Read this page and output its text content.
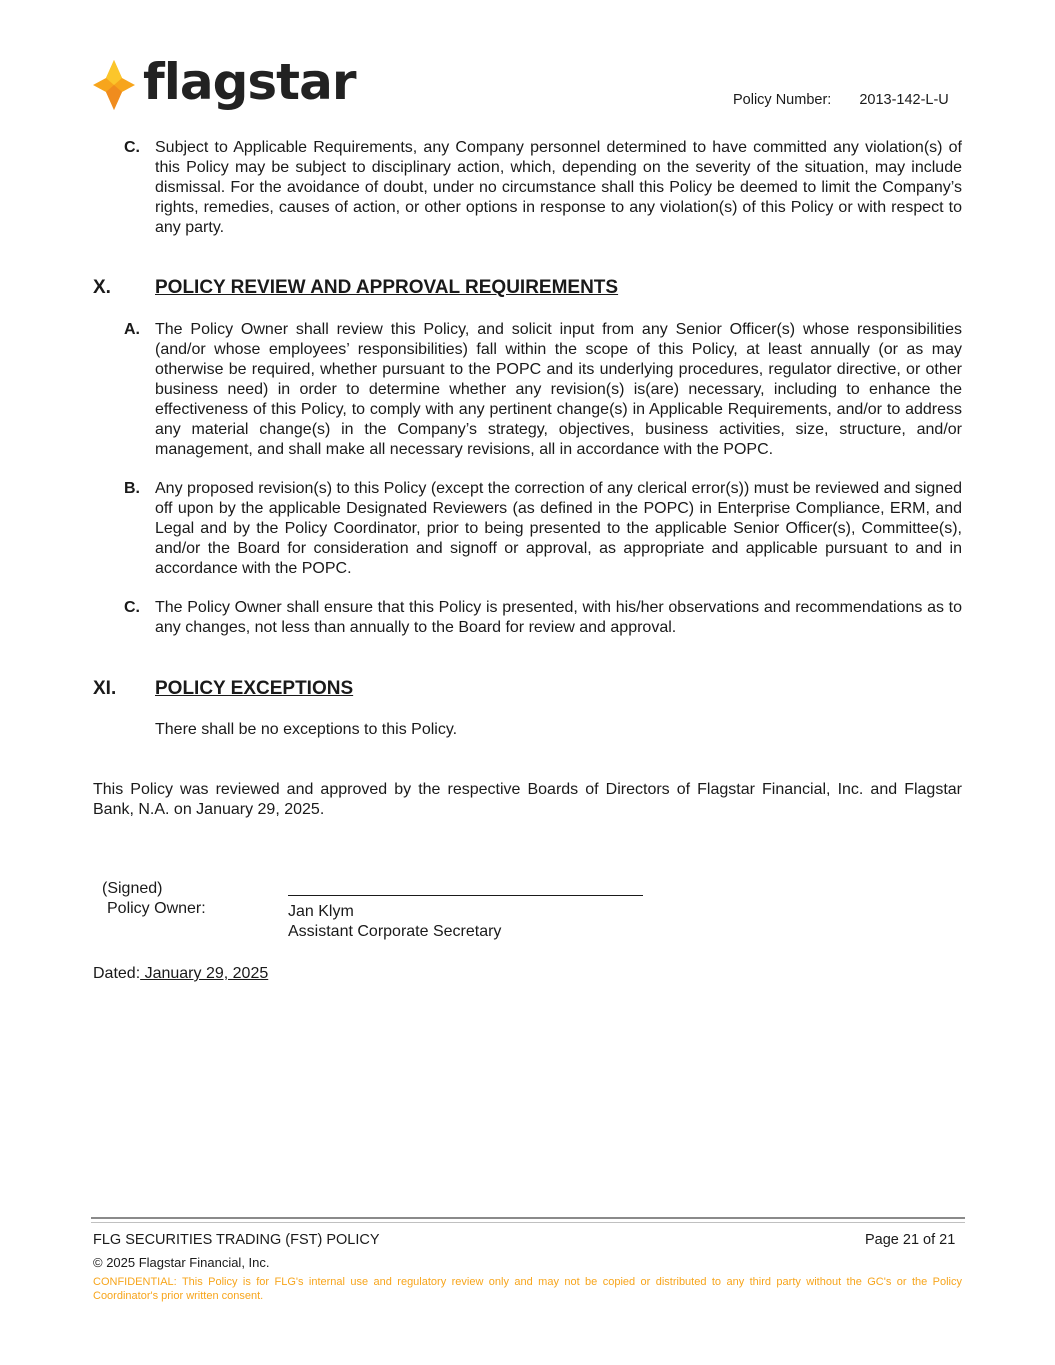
flagstar	Policy Number: 2013-142-L-U
C. Subject to Applicable Requirements, any Company personnel determined to have committed any violation(s) of this Policy may be subject to disciplinary action, which, depending on the severity of the situation, may include dismissal. For the avoidance of doubt, under no circumstance shall this Policy be deemed to limit the Company’s rights, remedies, causes of action, or other options in response to any violation(s) of this Policy or with respect to any party.
X. POLICY REVIEW AND APPROVAL REQUIREMENTS
A. The Policy Owner shall review this Policy, and solicit input from any Senior Officer(s) whose responsibilities (and/or whose employees’ responsibilities) fall within the scope of this Policy, at least annually (or as may otherwise be required, whether pursuant to the POPC and its underlying procedures, regulator directive, or other business need) in order to determine whether any revision(s) is(are) necessary, including to enhance the effectiveness of this Policy, to comply with any pertinent change(s) in Applicable Requirements, and/or to address any material change(s) in the Company’s strategy, objectives, business activities, size, structure, and/or management, and shall make all necessary revisions, all in accordance with the POPC.
B. Any proposed revision(s) to this Policy (except the correction of any clerical error(s)) must be reviewed and signed off upon by the applicable Designated Reviewers (as defined in the POPC) in Enterprise Compliance, ERM, and Legal and by the Policy Coordinator, prior to being presented to the applicable Senior Officer(s), Committee(s), and/or the Board for consideration and signoff or approval, as appropriate and applicable pursuant to and in accordance with the POPC.
C. The Policy Owner shall ensure that this Policy is presented, with his/her observations and recommendations as to any changes, not less than annually to the Board for review and approval.
XI. POLICY EXCEPTIONS
There shall be no exceptions to this Policy.
This Policy was reviewed and approved by the respective Boards of Directors of Flagstar Financial, Inc. and Flagstar Bank, N.A. on January 29, 2025.
(Signed)
Policy Owner:	Jan Klym
Assistant Corporate Secretary
Dated: January 29, 2025
FLG SECURITIES TRADING (FST) POLICY	Page 21 of 21
© 2025 Flagstar Financial, Inc.
CONFIDENTIAL: This Policy is for FLG's internal use and regulatory review only and may not be copied or distributed to any third party without the GC's or the Policy Coordinator's prior written consent.
